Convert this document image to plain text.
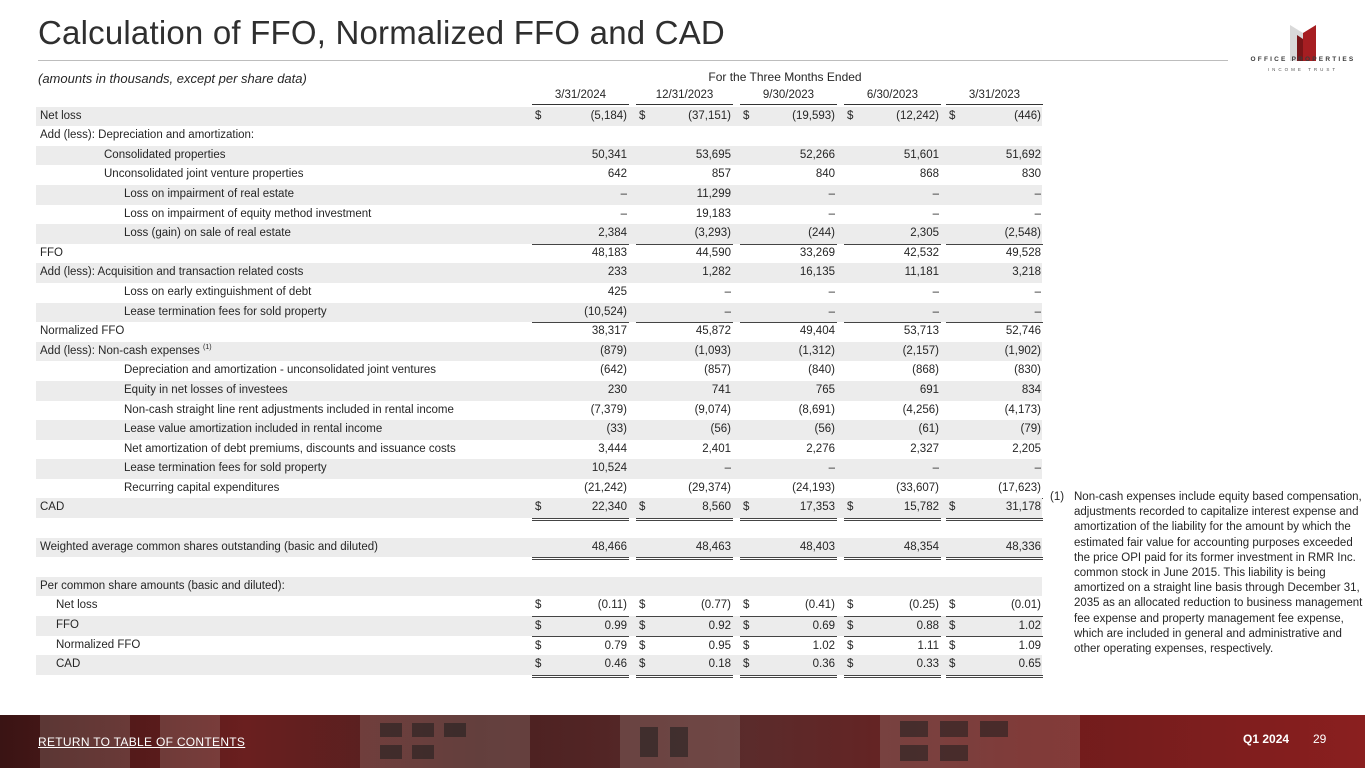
Calculation of FFO, Normalized FFO and CAD
OFFICE PROPERTIES
INCOME TRUST
(amounts in thousands, except per share data)	For the Three Months Ended
3/31/2024	12/31/2023	9/30/2023	6/30/2023	3/31/2023
Net loss	$	(5,184) $	(37,151) $	(19,593) $	(12,242) $	(446)
Add (less): Depreciation and amortization:
Consolidated properties	50,341	53,695	52,266	51,601	51,692
Unconsolidated joint venture properties	642	857	840	868	830
Loss on impairment of real estate	–	11,299	–	–	–
Loss on impairment of equity method investment	–	19,183	–	–	–
Loss (gain) on sale of real estate	2,384	(3,293)	(244)	2,305	(2,548)
FFO	48,183	44,590	33,269	42,532	49,528
Add (less): Acquisition and transaction related costs	233	1,282	16,135	11,181	3,218
Loss on early extinguishment of debt	425	–	–	–	–
Lease termination fees for sold property	(10,524)	–	–	–	–
Normalized FFO	38,317	45,872	49,404	53,713	52,746
Add (less): Non-cash expenses $^{(1)}$	(879)	(1,093)	(1,312)	(2,157)	(1,902)
Depreciation and amortization - unconsolidated joint ventures	(642)	(857)	(840)	(868)	(830)
Equity in net losses of investees	230	741	765	691	834
Non-cash straight line rent adjustments included in rental income	(7,379)	(9,074)	(8,691)	(4,256)	(4,173)
Lease value amortization included in rental income	(33)	(56)	(56)	(61)	(79)
Net amortization of debt premiums, discounts and issuance costs	3,444	2,401	2,276	2,327	2,205
Lease termination fees for sold property	10,524	–	–	–	–
Recurring capital expenditures	(21,242)	(29,374)	(24,193)	(33,607)	(17,623)
CAD	$	22,340 $	8,560 $	17,353 $	15,782 $	31,178
Weighted average common shares outstanding (basic and diluted)	48,466	48,463	48,403	48,354	48,336
Per common share amounts (basic and diluted):
Net loss	$	(0.11) $	(0.77) $	(0.41) $	(0.25) $	(0.01)
FFO	$	0.99 $	0.92 $	0.69 $	0.88 $	1.02
Normalized FFO	$	0.79 $	0.95 $	1.02 $	1.11 $	1.09
CAD	$	0.46 $	0.18 $	0.36 $	0.33 $	0.65
(1) Non-cash expenses include equity based compensation, adjustments recorded to capitalize interest expense and amortization of the liability for the amount by which the estimated fair value for accounting purposes exceeded the price OPI paid for its former investment in RMR Inc. common stock in June 2015. This liability is being amortized on a straight line basis through December 31, 2035 as an allocated reduction to business management fee expense and property management fee expense, which are included in general and administrative and other operating expenses, respectively.
RETURN TO TABLE OF CONTENTS	Q1 2024 29
